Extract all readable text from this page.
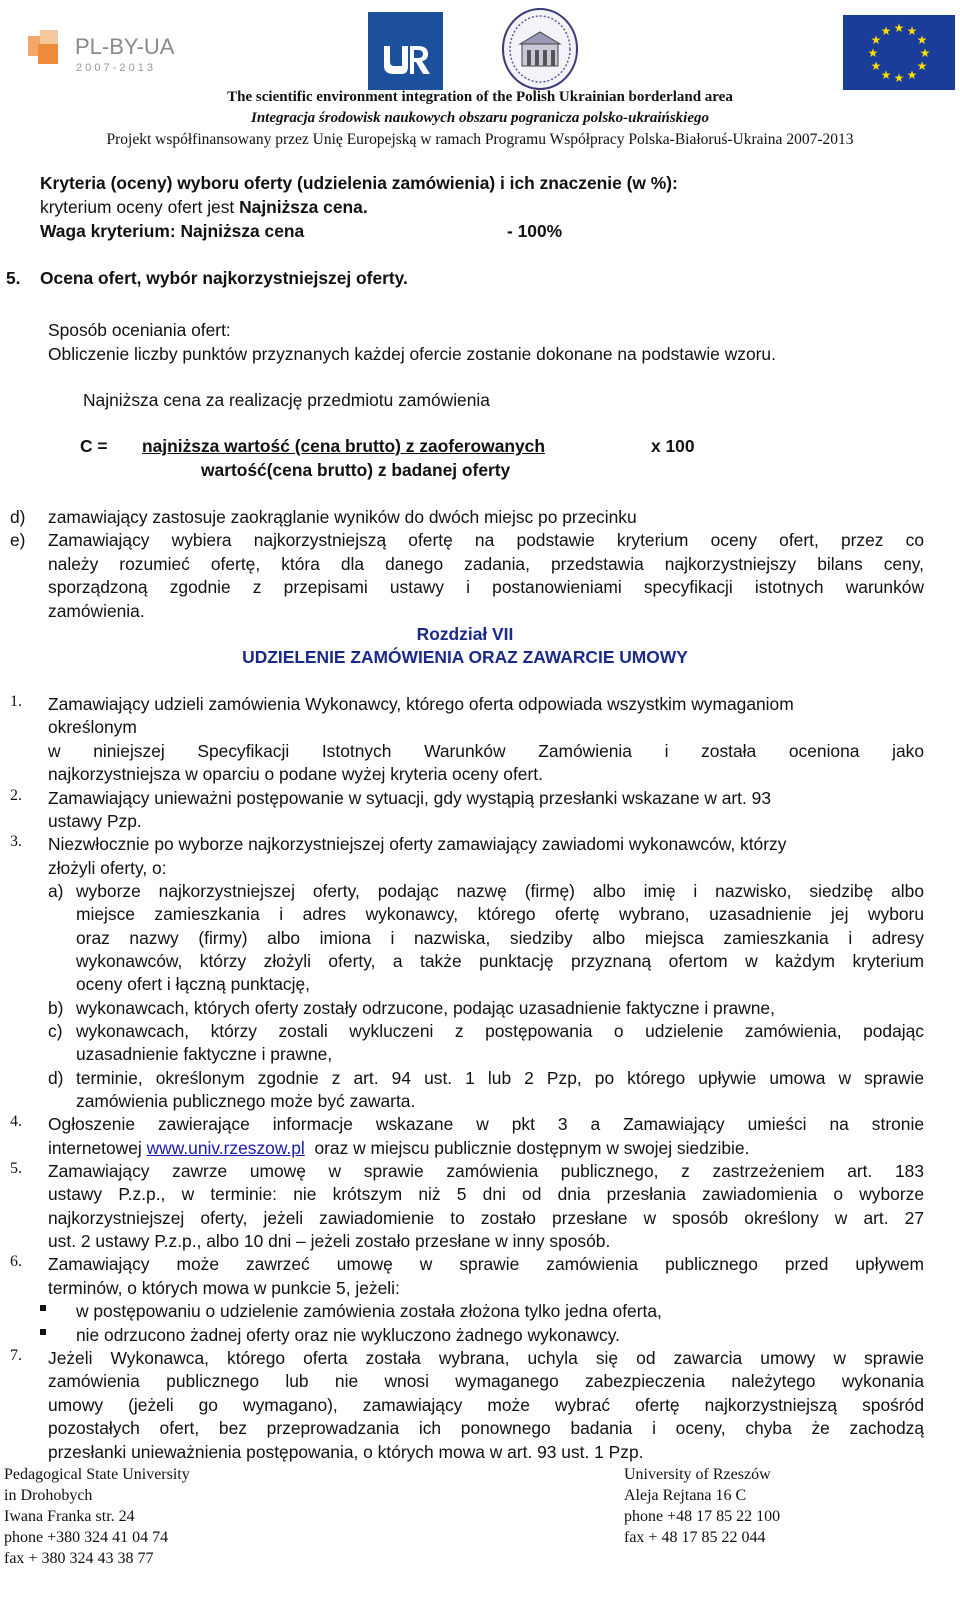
PL-BY-UA
2 0 0 7 - 2 0 1 3
★ ★
★
★
★
★
★
★
★
★
★
★
The scientific environment integration of the Polish Ukrainian borderland area
Integracja środowisk naukowych obszaru pogranicza polsko-ukraińskiego
Projekt współfinansowany przez Unię Europejską w ramach Programu Współpracy Polska-Białoruś-Ukraina 2007-2013
Kryteria (oceny) wyboru oferty (udzielenia zamówienia) i ich znaczenie (w %):
kryterium oceny ofert jest Najniższa cena.
Waga kryterium: Najniższa cena	- 100%
5. Ocena ofert, wybór najkorzystniejszej oferty.
Sposób oceniania ofert:
Obliczenie liczby punktów przyznanych każdej ofercie zostanie dokonane na podstawie wzoru.
Najniższa cena za realizację przedmiotu zamówienia
C = najniższa wartość (cena brutto) z zaoferowanych	x 100
wartość(cena brutto) z badanej oferty
d) zamawiający zastosuje zaokrąglanie wyników do dwóch miejsc po przecinku
e) Zamawiający wybiera najkorzystniejszą ofertę na podstawie kryterium oceny ofert, przez co
należy rozumieć ofertę, która dla danego zadania, przedstawia najkorzystniejszy bilans ceny,
sporządzoną zgodnie z przepisami ustawy i postanowieniami specyfikacji istotnych warunków
zamówienia.
Rozdział VII
UDZIELENIE ZAMÓWIENIA ORAZ ZAWARCIE UMOWY
1. Zamawiający udzieli zamówienia Wykonawcy, którego oferta odpowiada wszystkim wymaganiom
określonym
w niniejszej Specyfikacji Istotnych Warunków Zamówienia i została oceniona jako
najkorzystniejsza w oparciu o podane wyżej kryteria oceny ofert.
2. Zamawiający unieważni postępowanie w sytuacji, gdy wystąpią przesłanki wskazane w art. 93
ustawy Pzp.
3. Niezwłocznie po wyborze najkorzystniejszej oferty zamawiający zawiadomi wykonawców, którzy
złożyli oferty, o:
a) wyborze najkorzystniejszej oferty, podając nazwę (firmę) albo imię i nazwisko, siedzibę albo
miejsce zamieszkania i adres wykonawcy, którego ofertę wybrano, uzasadnienie jej wyboru
oraz nazwy (firmy) albo imiona i nazwiska, siedziby albo miejsca zamieszkania i adresy
wykonawców, którzy złożyli oferty, a także punktację przyznaną ofertom w każdym kryterium
oceny ofert i łączną punktację,
b) wykonawcach, których oferty zostały odrzucone, podając uzasadnienie faktyczne i prawne,
c) wykonawcach, którzy zostali wykluczeni z postępowania o udzielenie zamówienia, podając
uzasadnienie faktyczne i prawne,
d) terminie, określonym zgodnie z art. 94 ust. 1 lub 2 Pzp, po którego upływie umowa w sprawie
zamówienia publicznego może być zawarta.
4. Ogłoszenie zawierające informacje wskazane w pkt 3 a Zamawiający umieści na stronie
internetowej www.univ.rzeszow.pl  oraz w miejscu publicznie dostępnym w swojej siedzibie.
5. Zamawiający zawrze umowę w sprawie zamówienia publicznego, z zastrzeżeniem art. 183
ustawy P.z.p., w terminie: nie krótszym niż 5 dni od dnia przesłania zawiadomienia o wyborze
najkorzystniejszej oferty, jeżeli zawiadomienie to zostało przesłane w sposób określony w art. 27
ust. 2 ustawy P.z.p., albo 10 dni – jeżeli zostało przesłane w inny sposób.
6. Zamawiający może zawrzeć umowę w sprawie zamówienia publicznego przed upływem
terminów, o których mowa w punkcie 5, jeżeli:
w postępowaniu o udzielenie zamówienia została złożona tylko jedna oferta,
nie odrzucono żadnej oferty oraz nie wykluczono żadnego wykonawcy.
7. Jeżeli Wykonawca, którego oferta została wybrana, uchyla się od zawarcia umowy w sprawie
zamówienia publicznego lub nie wnosi wymaganego zabezpieczenia należytego wykonania
umowy (jeżeli go wymagano), zamawiający może wybrać ofertę najkorzystniejszą spośród
pozostałych ofert, bez przeprowadzania ich ponownego badania i oceny, chyba że zachodzą
przesłanki unieważnienia postępowania, o których mowa w art. 93 ust. 1 Pzp.
Pedagogical State University
in Drohobych
Iwana Franka str. 24
phone +380 324 41 04 74
fax + 380 324 43 38 77
University of Rzeszów
Aleja Rejtana 16 C
phone +48 17 85 22 100
fax + 48 17 85 22 044
